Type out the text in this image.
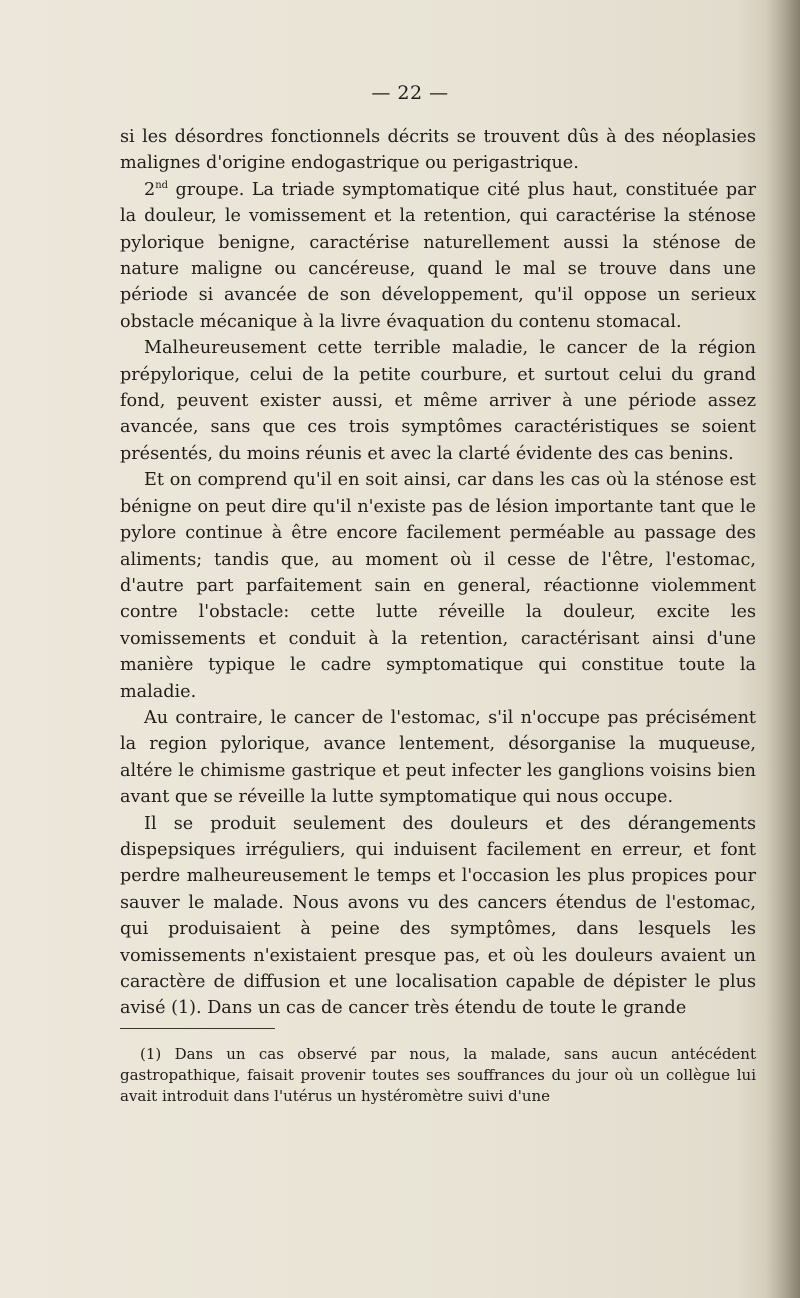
— 22 —

si les désordres fonctionnels décrits se trouvent dûs à des néoplasies malignes d'origine endogastrique ou perigastrique.

2nd groupe. La triade symptomatique cité plus haut, constituée par la douleur, le vomissement et la retention, qui caractérise la sténose pylorique benigne, caractérise naturellement aussi la sténose de nature maligne ou cancéreuse, quand le mal se trouve dans une période si avancée de son développement, qu'il oppose un serieux obstacle mécanique à la livre évaquation du contenu stomacal.

Malheureusement cette terrible maladie, le cancer de la région prépylorique, celui de la petite courbure, et surtout celui du grand fond, peuvent exister aussi, et même arriver à une période assez avancée, sans que ces trois symptômes caractéristiques se soient présentés, du moins réunis et avec la clarté évidente des cas benins.

Et on comprend qu'il en soit ainsi, car dans les cas où la sténose est bénigne on peut dire qu'il n'existe pas de lésion importante tant que le pylore continue à être encore facilement perméable au passage des aliments; tandis que, au moment où il cesse de l'être, l'estomac, d'autre part parfaitement sain en general, réactionne violemment contre l'obstacle: cette lutte réveille la douleur, excite les vomissements et conduit à la retention, caractérisant ainsi d'une manière typique le cadre symptomatique qui constitue toute la maladie.

Au contraire, le cancer de l'estomac, s'il n'occupe pas précisément la region pylorique, avance lentement, désorganise la muqueuse, altére le chimisme gastrique et peut infecter les ganglions voisins bien avant que se réveille la lutte symptomatique qui nous occupe.

Il se produit seulement des douleurs et des dérangements dispepsiques irréguliers, qui induisent facilement en erreur, et font perdre malheureusement le temps et l'occasion les plus propices pour sauver le malade. Nous avons vu des cancers étendus de l'estomac, qui produisaient à peine des symptômes, dans lesquels les vomissements n'existaient presque pas, et où les douleurs avaient un caractère de diffusion et une localisation capable de dépister le plus avisé (1). Dans un cas de cancer très étendu de toute le grande

(1) Dans un cas observé par nous, la malade, sans aucun antécédent gastropathique, faisait provenir toutes ses souffrances du jour où un collègue lui avait introduit dans l'utérus un hystéromètre suivi d'une
